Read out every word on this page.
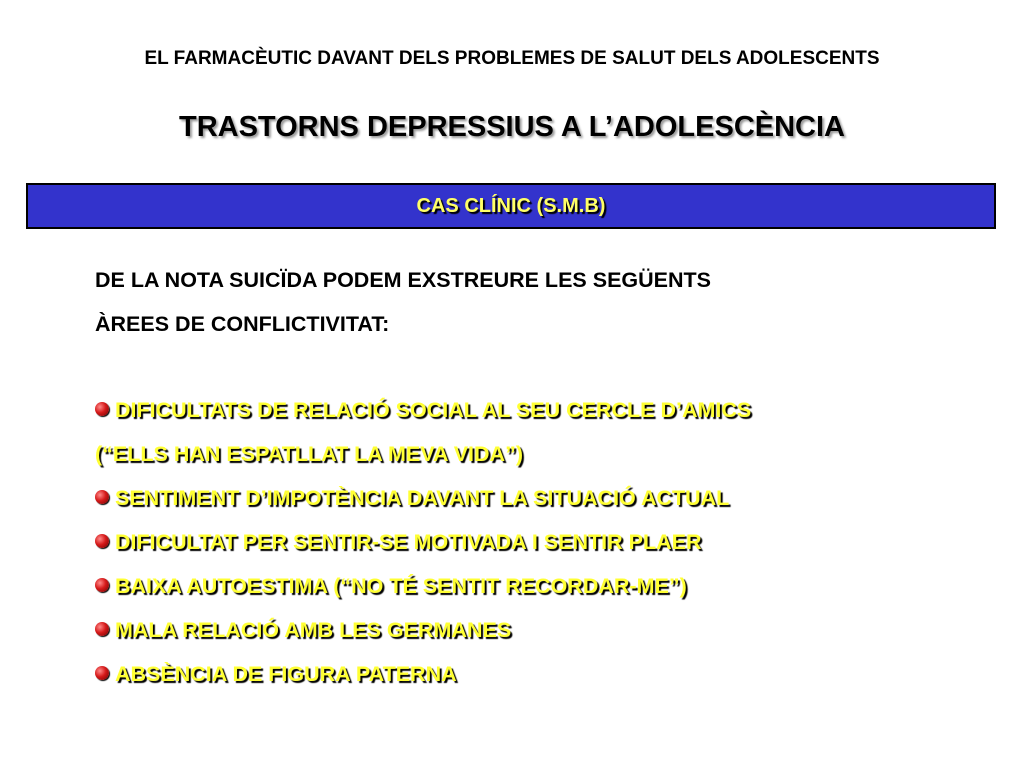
EL FARMACÈUTIC DAVANT DELS PROBLEMES DE SALUT DELS ADOLESCENTS
TRASTORNS DEPRESSIUS A L’ADOLESCÈNCIA
CAS CLÍNIC (S.M.B)
DE LA NOTA SUICÏDA PODEM EXSTREURE LES SEGÜENTS
ÀREES DE CONFLICTIVITAT:
DIFICULTATS DE RELACIÓ SOCIAL AL SEU CERCLE D’AMICS
(“ELLS HAN ESPATLLAT LA MEVA VIDA”)
SENTIMENT D’IMPOTÈNCIA DAVANT LA SITUACIÓ ACTUAL
DIFICULTAT PER SENTIR-SE MOTIVADA I SENTIR PLAER
BAIXA AUTOESTIMA (“NO TÉ SENTIT RECORDAR-ME”)
MALA RELACIÓ AMB LES GERMANES
ABSÈNCIA DE FIGURA PATERNA
